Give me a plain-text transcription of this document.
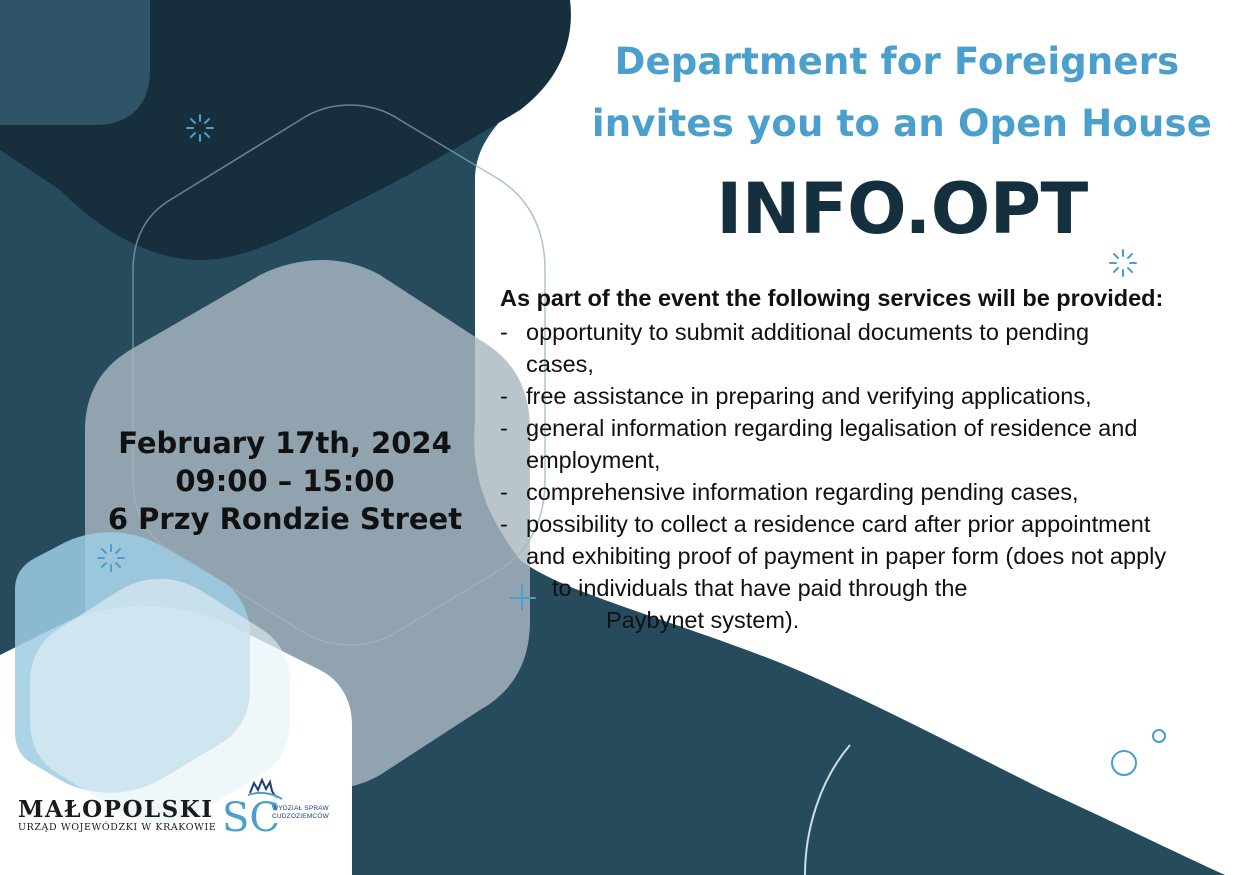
Department for Foreigners
invites you to an Open House
INFO.OPT
As part of the event the following services will be provided:
- opportunity to submit additional documents to pending
cases,
- free assistance in preparing and verifying applications,
- general information regarding legalisation of residence and
employment,
- comprehensive information regarding pending cases,
- possibility to collect a residence card after prior appointment
and exhibiting proof of payment in paper form (does not apply
to individuals that have paid through the
Paybynet system).
February 17th, 2024
09:00 – 15:00
6 Przy Rondzie Street
MAŁOPOLSKI
URZĄD WOJEWÓDZKI W KRAKOWIE SC
WYDZIAŁ SPRAW
CUDZOZIEMCÓW
